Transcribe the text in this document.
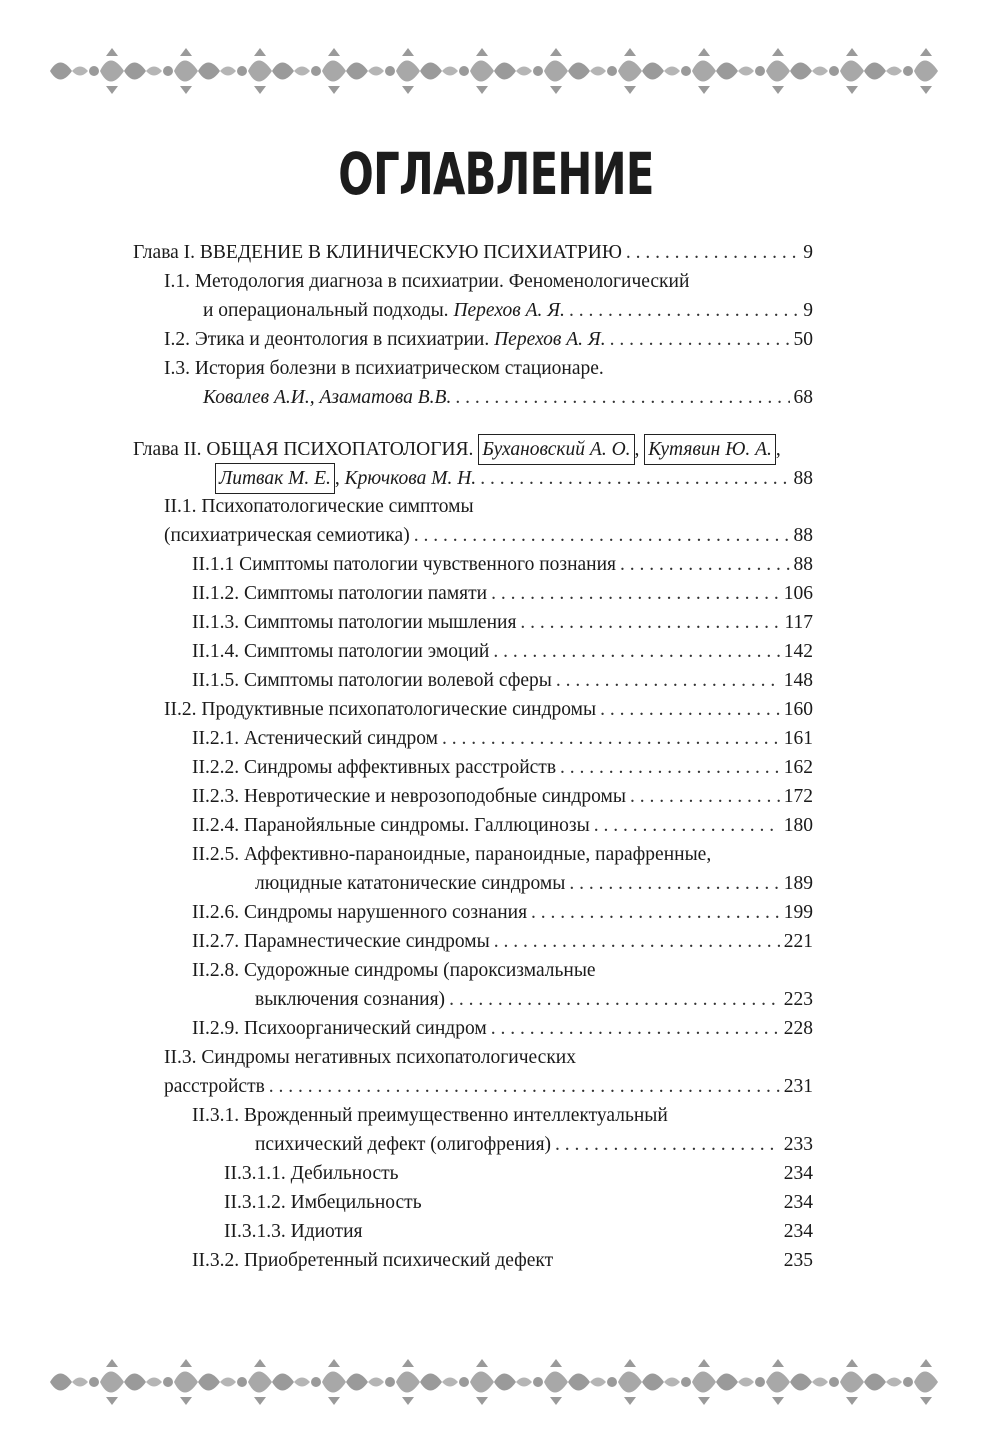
ОГЛАВЛЕНИЕ
Глава I. ВВЕДЕНИЕ В КЛИНИЧЕСКУЮ ПСИХИАТРИЮ . . .	9
I.1. Методология диагноза в психиатрии. Феноменологический
и операциональный подходы.
Перехов А. Я. . . .	9
I.2. Этика и деонтология в психиатрии.
Перехов А. Я. . . .	50
I.3. История болезни в психиатрическом стационаре.
Ковалев А.И., Азаматова В.В. . . .	68
Глава II. ОБЩАЯ ПСИХОПАТОЛОГИЯ.
Бухановский А. О. ,
Кутявин Ю. А. ,
Литвак М. Е. ,
Крючкова М. Н. . . .	88
II.1. Психопатологические симптомы
(психиатрическая семиотика) . . .	88
II.1.1 Симптомы патологии чувственного познания . . .	88
II.1.2. Симптомы патологии памяти . . .	106
II.1.3. Симптомы патологии мышления . . .	117
II.1.4. Симптомы патологии эмоций . . .	142
II.1.5. Симптомы патологии волевой сферы . . .	148
II.2. Продуктивные психопатологические синдромы . . .	160
II.2.1. Астенический синдром . . .	161
II.2.2. Синдромы аффективных расстройств . . .	162
II.2.3. Невротические и неврозоподобные синдромы . . .	172
II.2.4. Паранойяльные синдромы. Галлюцинозы . . .	180
II.2.5. Аффективно-параноидные, параноидные, парафренные,
люцидные кататонические синдромы . . .	189
II.2.6. Синдромы нарушенного сознания . . .	199
II.2.7. Парамнестические синдромы . . .	221
II.2.8. Судорожные синдромы (пароксизмальные
выключения сознания) . . .	223
II.2.9. Психоорганический синдром . . .	228
II.3. Синдромы негативных психопатологических
расстройств . . .	231
II.3.1. Врожденный преимущественно интеллектуальный
психический дефект (олигофрения) . . .	233
II.3.1.1. Дебильность	234
II.3.1.2. Имбецильность	234
II.3.1.3. Идиотия	234
II.3.2. Приобретенный психический дефект	235
